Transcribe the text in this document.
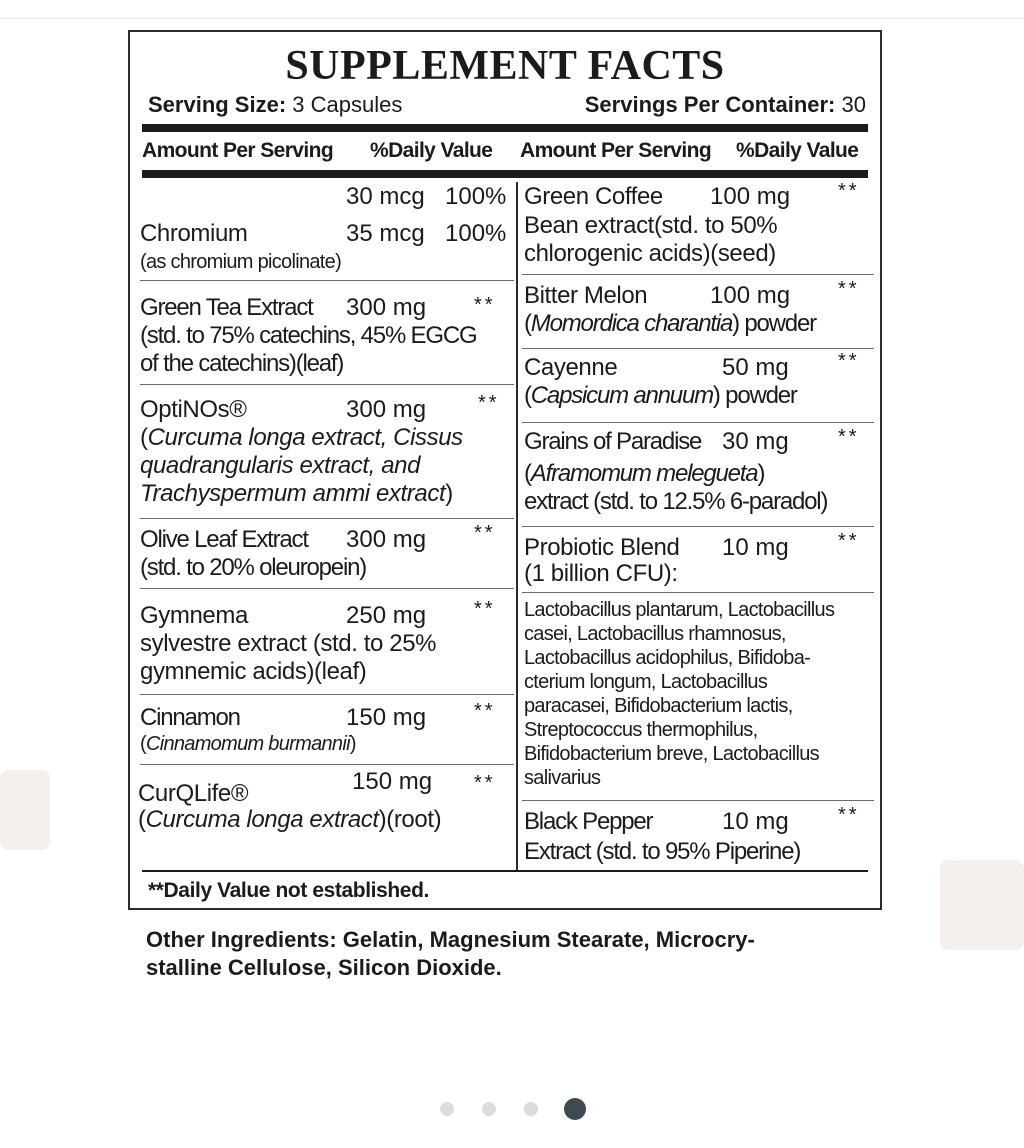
SUPPLEMENT FACTS
Serving Size: 3 Capsules	Servings Per Container: 30
Amount Per Serving %Daily Value Amount Per Serving %Daily Value
30 mcg 100%
Chromium	35 mcg 100%
(as chromium picolinate)
Green Tea Extract 300 mg **
(std. to 75% catechins, 45% EGCG
of the catechins)(leaf)
OptiNOs®	300 mg	**
(Curcuma longa extract, Cissus
quadrangularis extract, and
Trachyspermum ammi extract)
Olive Leaf Extract 300 mg **
(std. to 20% oleuropein)
Gymnema	250 mg **
sylvestre extract (std. to 25%
gymnemic acids)(leaf)
Cinnamon	150 mg **
(Cinnamomum burmannii)
CurQLife®	150 mg **
(Curcuma longa extract)(root)
Green Coffee 100 mg **
Bean extract(std. to 50%
chlorogenic acids)(seed)
Bitter Melon	100 mg **
(Momordica charantia) powder
Cayenne	50 mg **
(Capsicum annuum) powder
Grains of Paradise 30 mg **
(Aframomum melegueta)
extract (std. to 12.5% 6-paradol)
Probiotic Blend 10 mg **
(1 billion CFU):
Lactobacillus plantarum, Lactobacillus
casei, Lactobacillus rhamnosus,
Lactobacillus acidophilus, Bifidoba-
cterium longum, Lactobacillus
paracasei, Bifidobacterium lactis,
Streptococcus thermophilus,
Bifidobacterium breve, Lactobacillus
salivarius
Black Pepper	10 mg **
Extract (std. to 95% Piperine)
**Daily Value not established.
Other Ingredients: Gelatin, Magnesium Stearate, Microcry-
stalline Cellulose, Silicon Dioxide.
